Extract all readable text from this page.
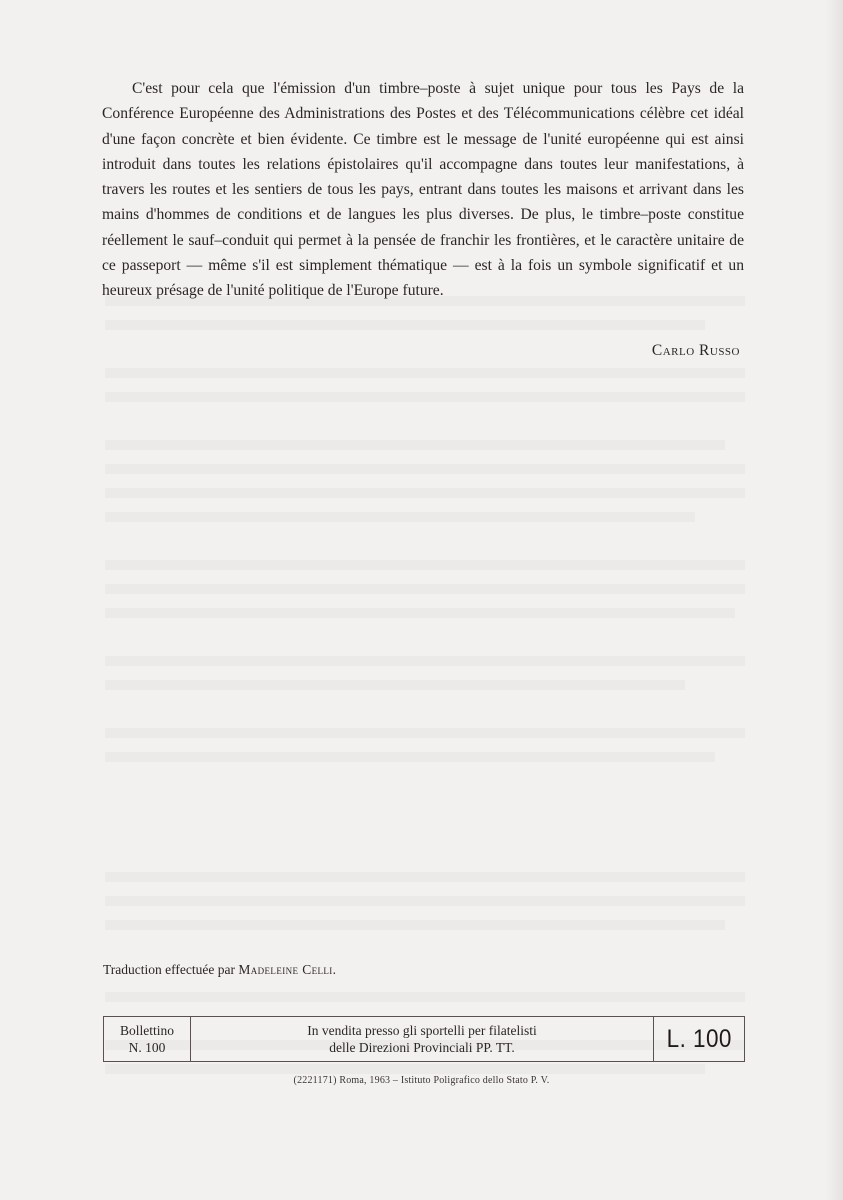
C'est pour cela que l'émission d'un timbre–poste à sujet unique pour tous les Pays de la Conférence Européenne des Administrations des Postes et des Télécommunications célèbre cet idéal d'une façon concrète et bien évidente. Ce timbre est le message de l'unité européenne qui est ainsi introduit dans toutes les relations épistolaires qu'il accompagne dans toutes leur manifestations, à travers les routes et les sentiers de tous les pays, entrant dans toutes les maisons et arrivant dans les mains d'hommes de conditions et de langues les plus diverses. De plus, le timbre–poste constitue réellement le sauf–conduit qui permet à la pensée de franchir les frontières, et le caractère unitaire de ce passeport — même s'il est simplement thématique — est à la fois un symbole significatif et un heureux présage de l'unité politique de l'Europe future.

Carlo Russo
Traduction effectuée par Madeleine Celli.
Bollettino
N. 100
In vendita presso gli sportelli per filatelisti
delle Direzioni Provinciali PP. TT.	L. 100
(2221171) Roma, 1963 – Istituto Poligrafico dello Stato P. V.
